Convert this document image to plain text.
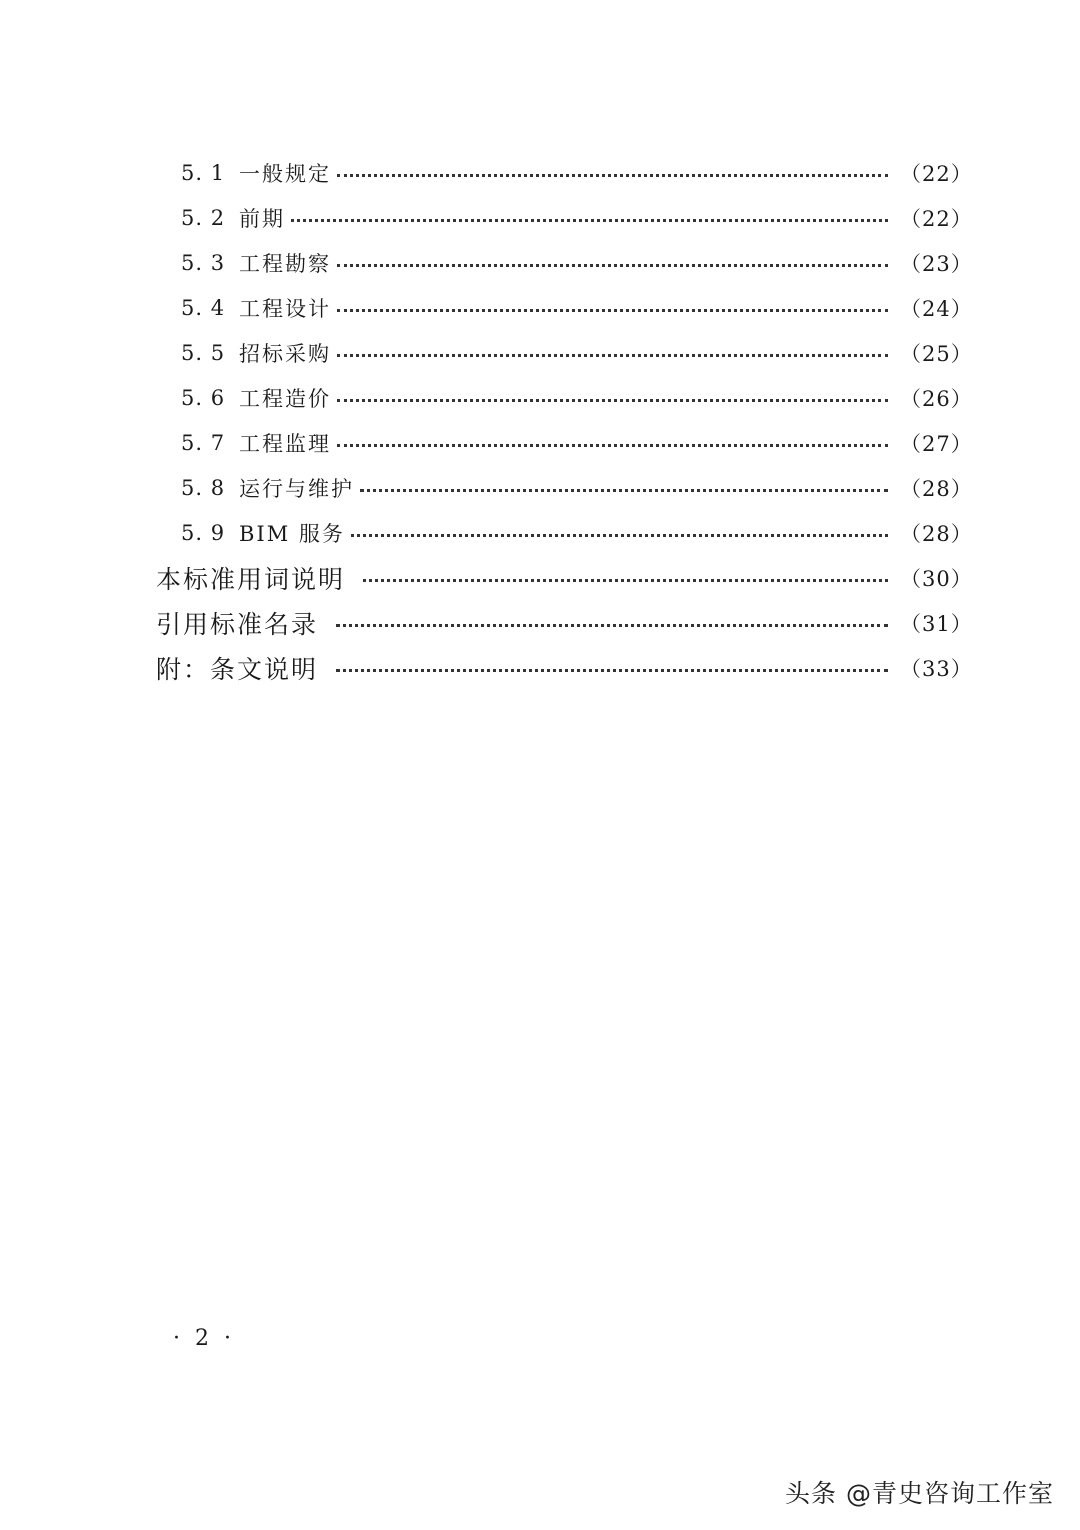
5. 1 一般规定	（22）
5. 2 前期	（22）
5. 3 工程勘察	（23）
5. 4 工程设计	（24）
5. 5 招标采购	（25）
5. 6 工程造价	（26）
5. 7 工程监理	（27）
5. 8 运行与维护	（28）
5. 9 BIM 服务	（28）
本标准用词说明	（30）
引用标准名录	（31）
附：条文说明	（33）
· 2 ·
头条 @青史咨询工作室
